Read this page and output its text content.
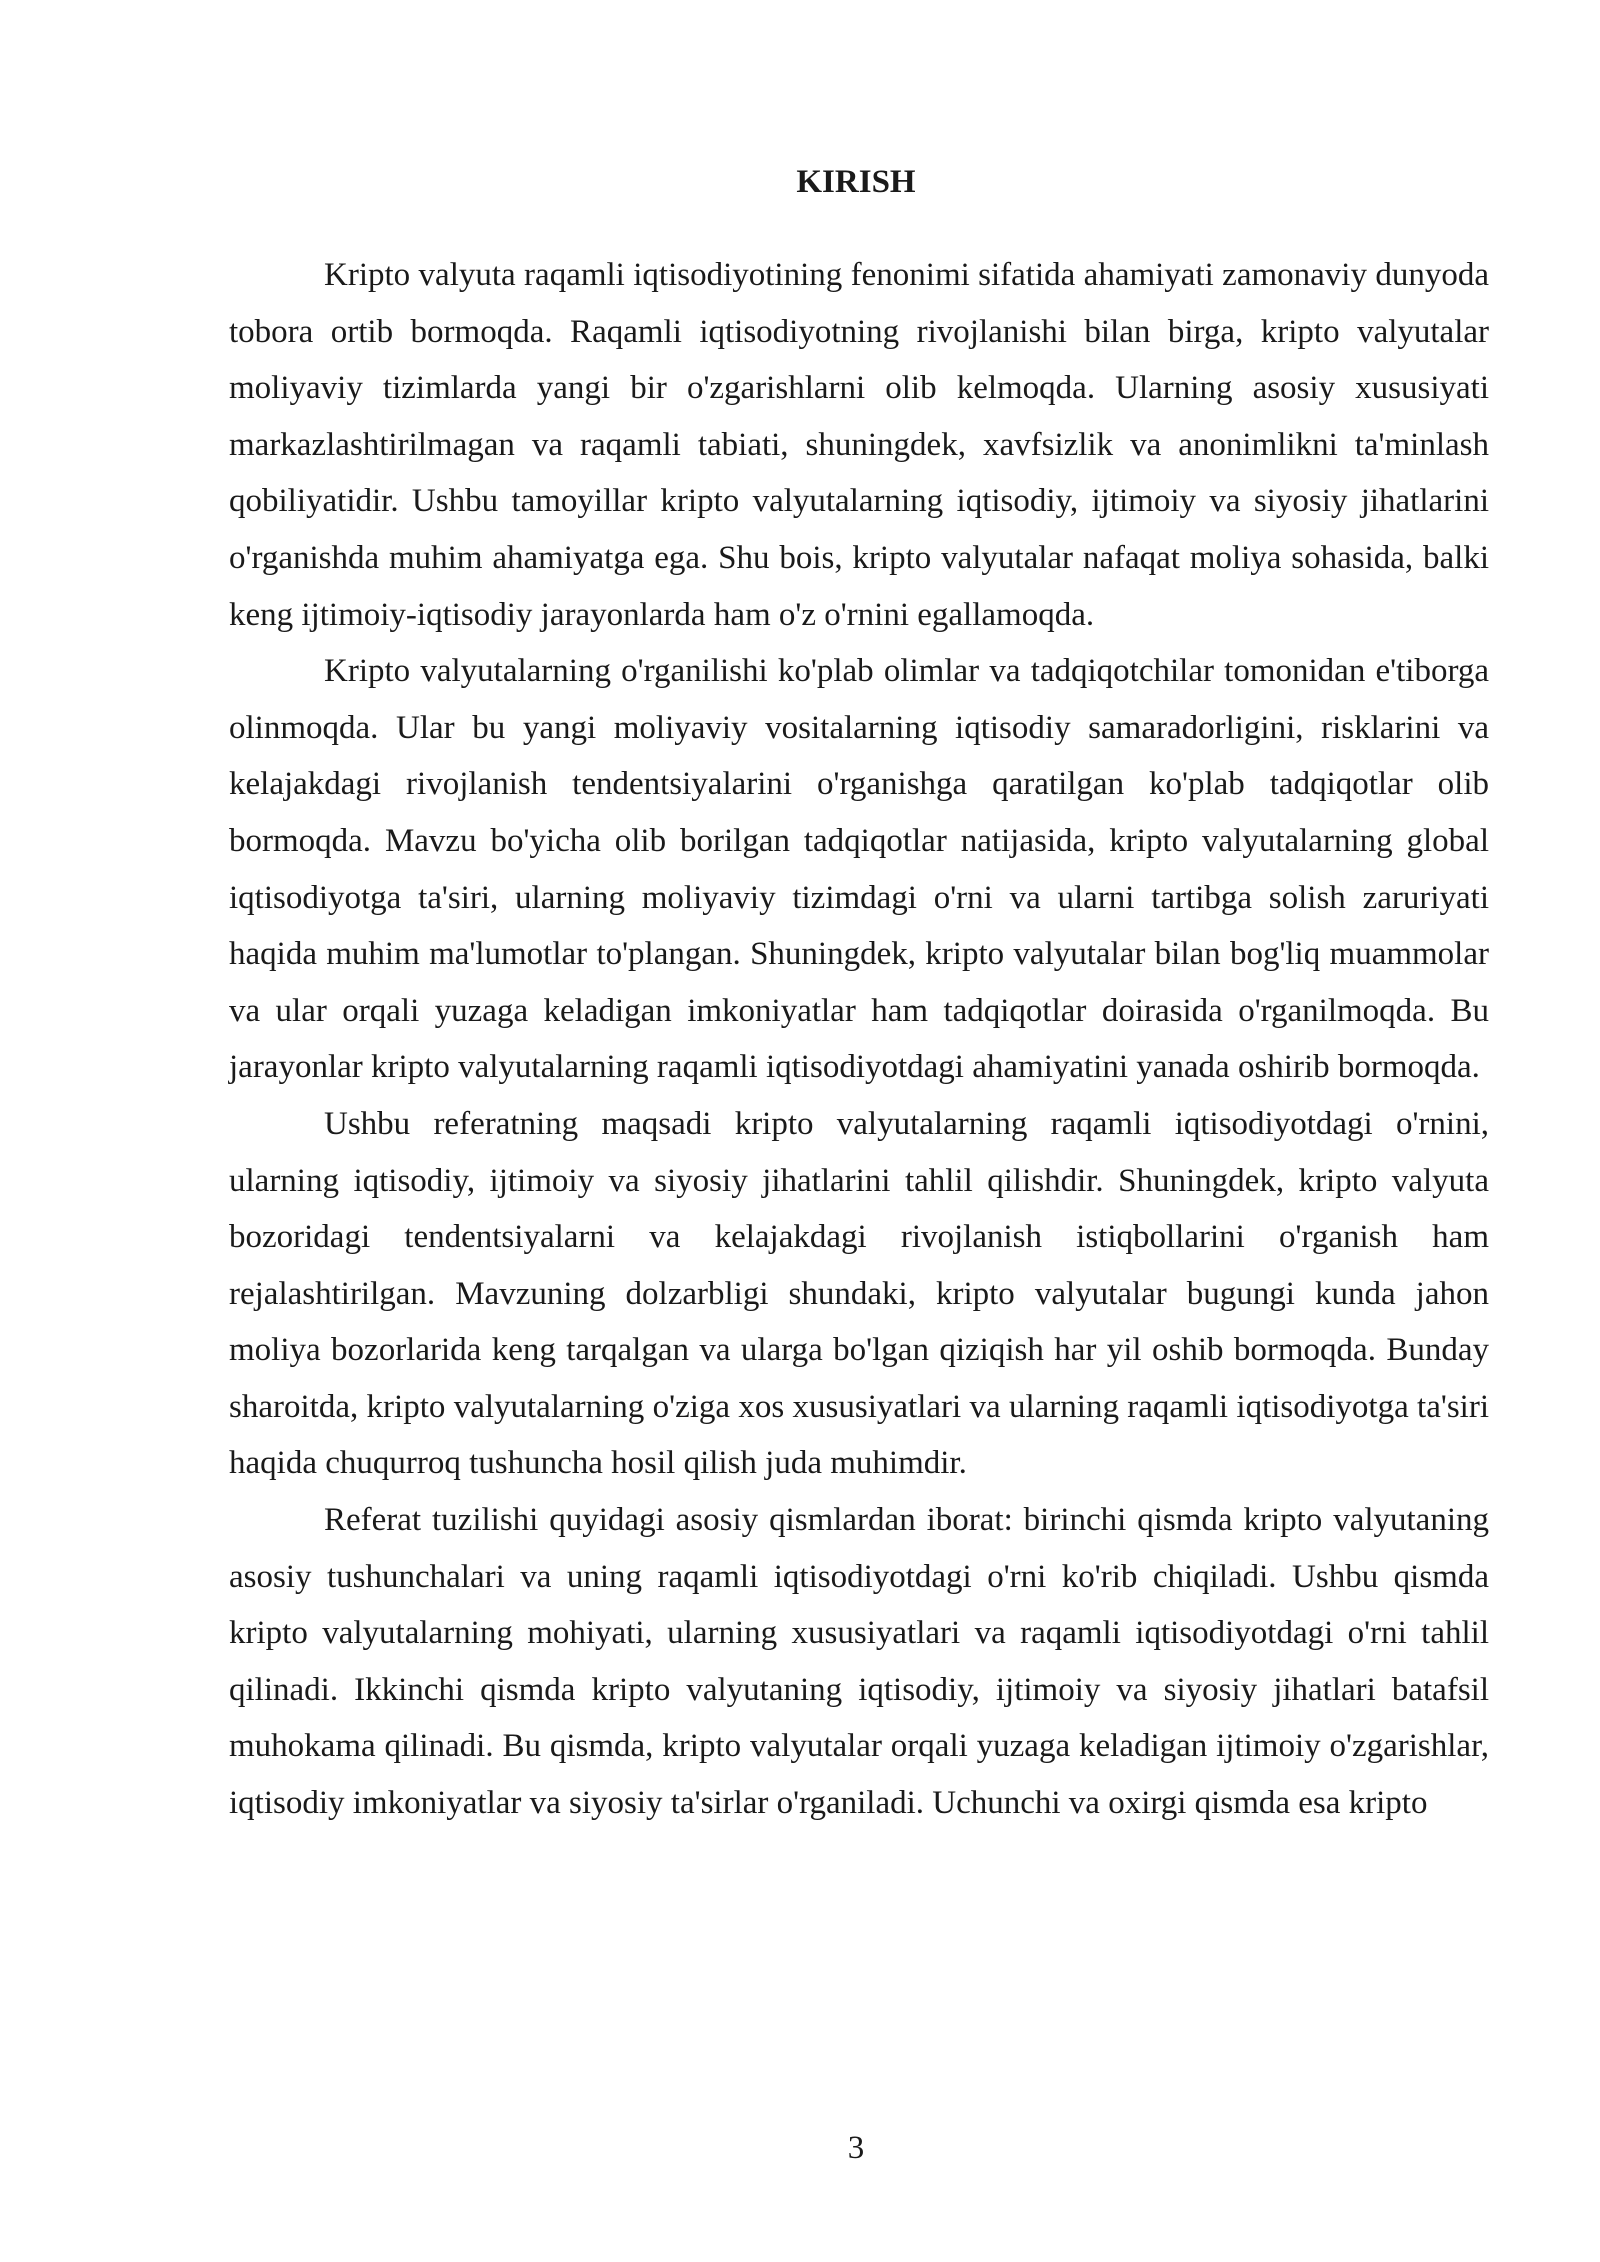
KIRISH

Kripto valyuta raqamli iqtisodiyotining fenonimi sifatida ahamiyati zamonaviy dunyoda tobora ortib bormoqda. Raqamli iqtisodiyotning rivojlanishi bilan birga, kripto valyutalar moliyaviy tizimlarda yangi bir o'zgarishlarni olib kelmoqda. Ularning asosiy xususiyati markazlashtirilmagan va raqamli tabiati, shuningdek, xavfsizlik va anonimlikni ta'minlash qobiliyatidir. Ushbu tamoyillar kripto valyutalarning iqtisodiy, ijtimoiy va siyosiy jihatlarini o'rganishda muhim ahamiyatga ega. Shu bois, kripto valyutalar nafaqat moliya sohasida, balki keng ijtimoiy-iqtisodiy jarayonlarda ham o'z o'rnini egallamoqda.

Kripto valyutalarning o'rganilishi ko'plab olimlar va tadqiqotchilar tomonidan e'tiborga olinmoqda. Ular bu yangi moliyaviy vositalarning iqtisodiy samaradorligini, risklarini va kelajakdagi rivojlanish tendentsiyalarini o'rganishga qaratilgan ko'plab tadqiqotlar olib bormoqda. Mavzu bo'yicha olib borilgan tadqiqotlar natijasida, kripto valyutalarning global iqtisodiyotga ta'siri, ularning moliyaviy tizimdagi o'rni va ularni tartibga solish zaruriyati haqida muhim ma'lumotlar to'plangan. Shuningdek, kripto valyutalar bilan bog'liq muammolar va ular orqali yuzaga keladigan imkoniyatlar ham tadqiqotlar doirasida o'rganilmoqda. Bu jarayonlar kripto valyutalarning raqamli iqtisodiyotdagi ahamiyatini yanada oshirib bormoqda.

Ushbu referatning maqsadi kripto valyutalarning raqamli iqtisodiyotdagi o'rnini, ularning iqtisodiy, ijtimoiy va siyosiy jihatlarini tahlil qilishdir. Shuningdek, kripto valyuta bozoridagi tendentsiyalarni va kelajakdagi rivojlanish istiqbollarini o'rganish ham rejalashtirilgan. Mavzuning dolzarbligi shundaki, kripto valyutalar bugungi kunda jahon moliya bozorlarida keng tarqalgan va ularga bo'lgan qiziqish har yil oshib bormoqda. Bunday sharoitda, kripto valyutalarning o'ziga xos xususiyatlari va ularning raqamli iqtisodiyotga ta'siri haqida chuqurroq tushuncha hosil qilish juda muhimdir.

Referat tuzilishi quyidagi asosiy qismlardan iborat: birinchi qismda kripto valyutaning asosiy tushunchalari va uning raqamli iqtisodiyotdagi o'rni ko'rib chiqiladi. Ushbu qismda kripto valyutalarning mohiyati, ularning xususiyatlari va raqamli iqtisodiyotdagi o'rni tahlil qilinadi. Ikkinchi qismda kripto valyutaning iqtisodiy, ijtimoiy va siyosiy jihatlari batafsil muhokama qilinadi. Bu qismda, kripto valyutalar orqali yuzaga keladigan ijtimoiy o'zgarishlar, iqtisodiy imkoniyatlar va siyosiy ta'sirlar o'rganiladi. Uchunchi va oxirgi qismda esa kripto

3
